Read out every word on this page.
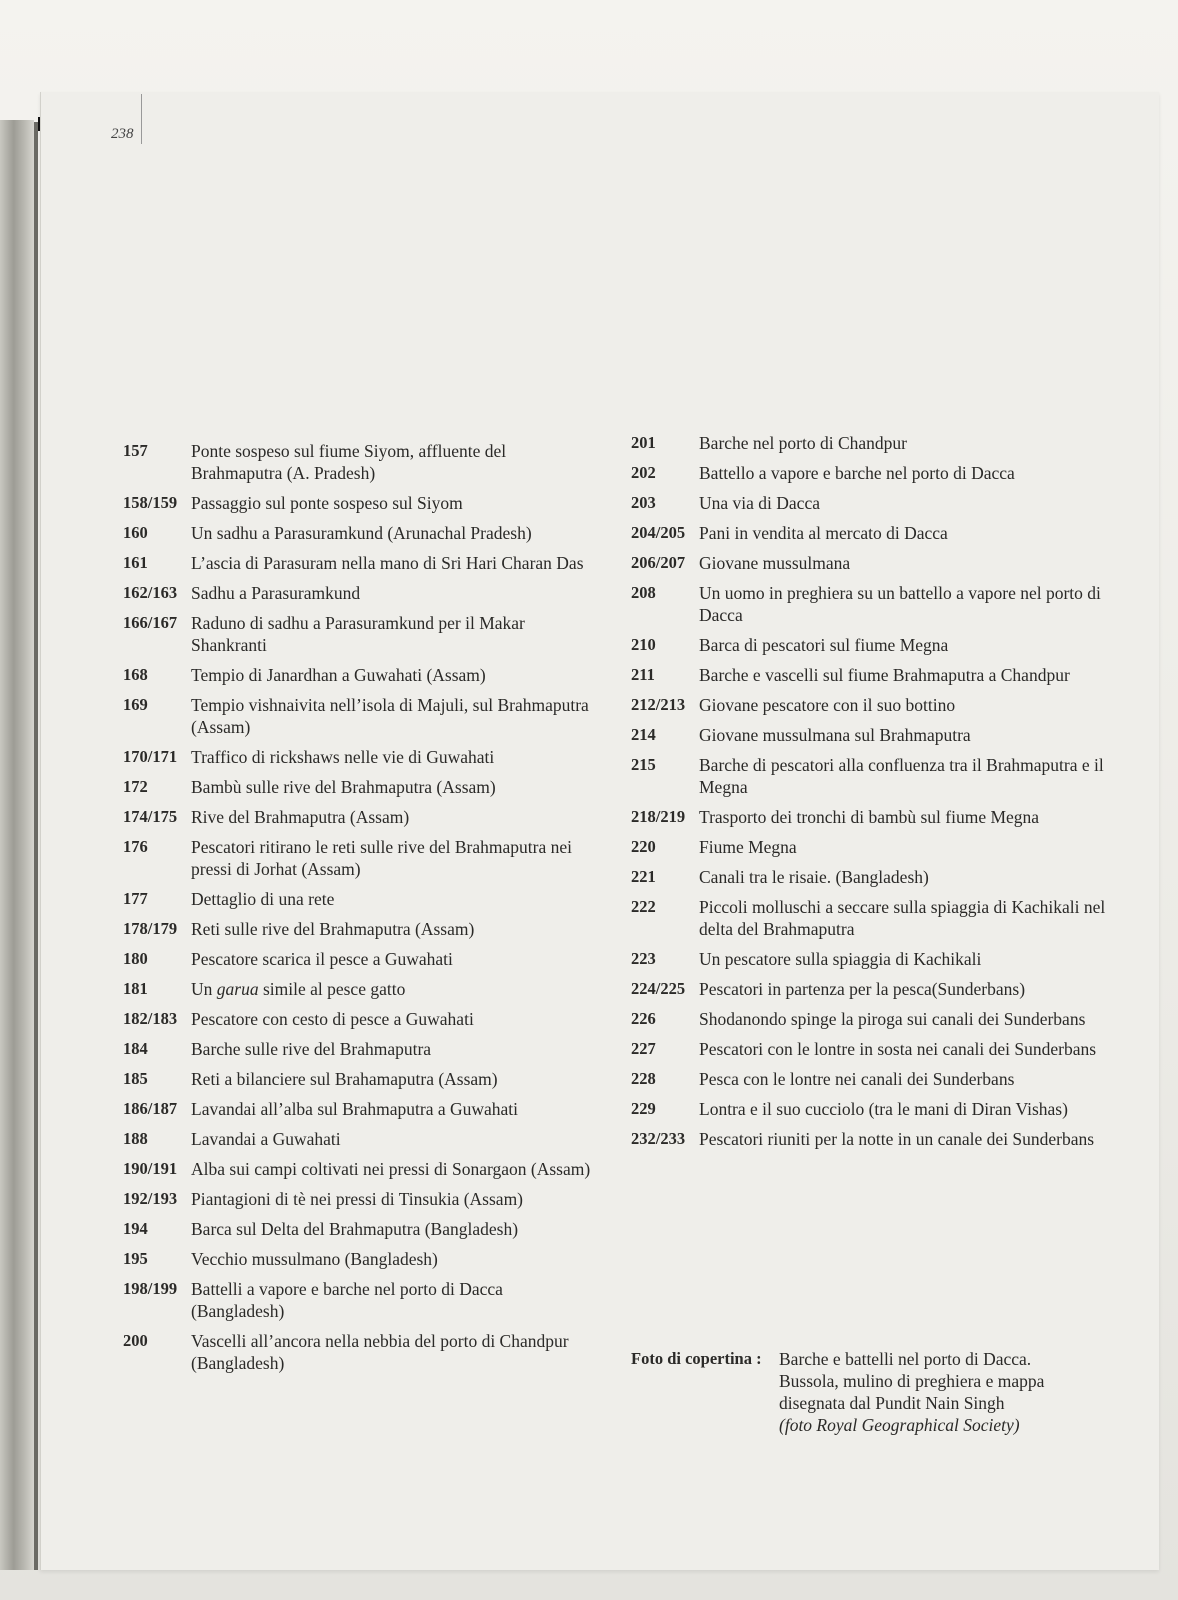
238
157	Ponte sospeso sul fiume Siyom, affluente del Brahmaputra (A. Pradesh)
158/159 Passaggio sul ponte sospeso sul Siyom
160	Un sadhu a Parasuramkund (Arunachal Pradesh)
161	L’ascia di Parasuram nella mano di Sri Hari Charan Das
162/163 Sadhu a Parasuramkund
166/167 Raduno di sadhu a Parasuramkund per il Makar Shankranti
168	Tempio di Janardhan a Guwahati (Assam)
169	Tempio vishnaivita nell’isola di Majuli, sul Brahmaputra (Assam)
170/171 Traffico di rickshaws nelle vie di Guwahati
172	Bambù sulle rive del Brahmaputra (Assam)
174/175 Rive del Brahmaputra (Assam)
176	Pescatori ritirano le reti sulle rive del Brahmaputra nei pressi di Jorhat (Assam)
177	Dettaglio di una rete
178/179 Reti sulle rive del Brahmaputra (Assam)
180	Pescatore scarica il pesce a Guwahati
181	Un garua simile al pesce gatto
182/183 Pescatore con cesto di pesce a Guwahati
184	Barche sulle rive del Brahmaputra
185	Reti a bilanciere sul Brahamaputra (Assam)
186/187 Lavandai all’alba sul Brahmaputra a Guwahati
188	Lavandai a Guwahati
190/191 Alba sui campi coltivati nei pressi di Sonargaon (Assam)
192/193 Piantagioni di tè nei pressi di Tinsukia (Assam)
194	Barca sul Delta del Brahmaputra (Bangladesh)
195	Vecchio mussulmano (Bangladesh)
198/199 Battelli a vapore e barche nel porto di Dacca (Bangladesh)
200	Vascelli all’ancora nella nebbia del porto di Chandpur (Bangladesh)
201	Barche nel porto di Chandpur
202	Battello a vapore e barche nel porto di Dacca
203	Una via di Dacca
204/205 Pani in vendita al mercato di Dacca
206/207 Giovane mussulmana
208	Un uomo in preghiera su un battello a vapore nel porto di Dacca
210	Barca di pescatori sul fiume Megna
211	Barche e vascelli sul fiume Brahmaputra a Chandpur
212/213 Giovane pescatore con il suo bottino
214	Giovane mussulmana sul Brahmaputra
215	Barche di pescatori alla confluenza tra il Brahmaputra e il Megna
218/219 Trasporto dei tronchi di bambù sul fiume Megna
220	Fiume Megna
221	Canali tra le risaie. (Bangladesh)
222	Piccoli molluschi a seccare sulla spiaggia di Kachikali nel delta del Brahmaputra
223	Un pescatore sulla spiaggia di Kachikali
224/225 Pescatori in partenza per la pesca(Sunderbans)
226	Shodanondo spinge la piroga sui canali dei Sunderbans
227	Pescatori con le lontre in sosta nei canali dei Sunderbans
228	Pesca con le lontre nei canali dei Sunderbans
229	Lontra e il suo cucciolo (tra le mani di Diran Vishas)
232/233 Pescatori riuniti per la notte in un canale dei Sunderbans
Foto di copertina : Barche e battelli nel porto di Dacca.
Bussola, mulino di preghiera e mappa disegnata dal Pundit Nain Singh
(foto Royal Geographical Society)
